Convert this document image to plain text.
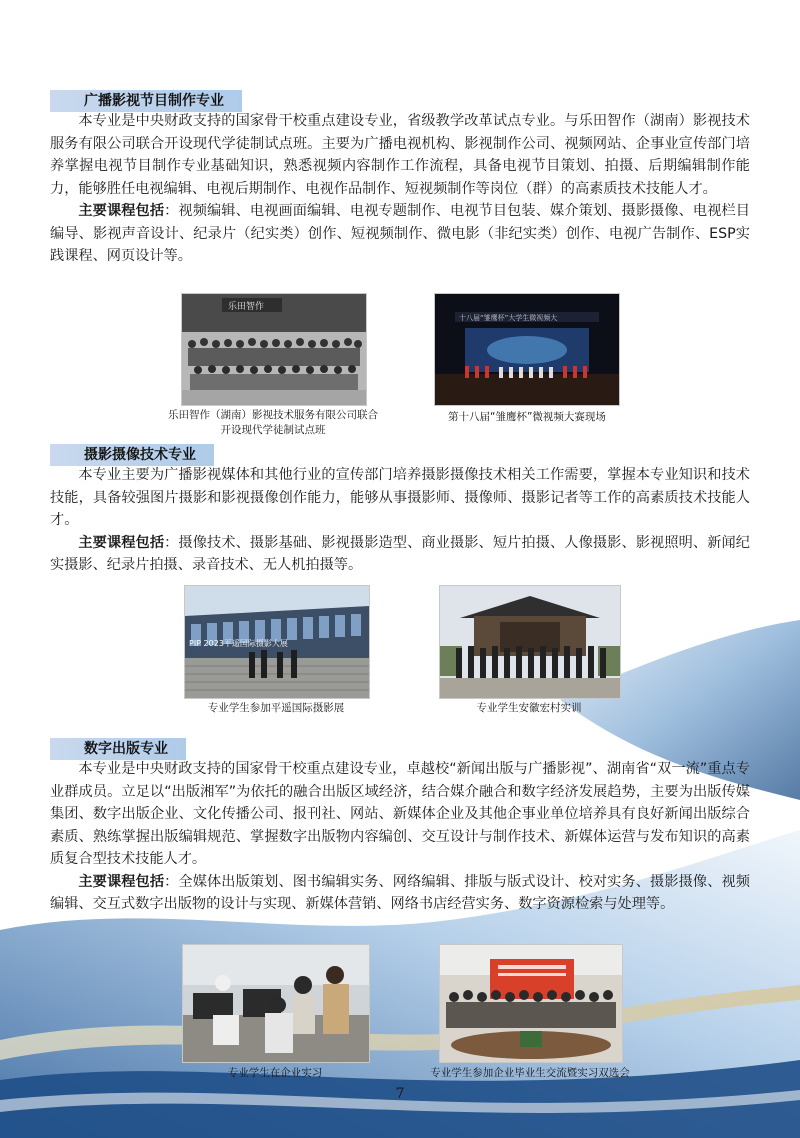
广播影视节目制作专业

本专业是中央财政支持的国家骨干校重点建设专业，省级教学改革试点专业。与乐田智作（湖南）影视技术服务有限公司联合开设现代学徒制试点班。主要为广播电视机构、影视制作公司、视频网站、企事业宣传部门培养掌握电视节目制作专业基础知识，熟悉视频内容制作工作流程，具备电视节目策划、拍摄、后期编辑制作能力，能够胜任电视编辑、电视后期制作、电视作品制作、短视频制作等岗位（群）的高素质技术技能人才。

主要课程包括：视频编辑、电视画面编辑、电视专题制作、电视节目包装、媒介策划、摄影摄像、电视栏目编导、影视声音设计、纪录片（纪实类）创作、短视频制作、微电影（非纪实类）创作、电视广告制作、ESP实践课程、网页设计等。

乐田智作
乐田智作（湖南）影视技术服务有限公司联合开设现代学徒制试点班
十八届“雏鹰杯”大学生微视频大
第十八届“雏鹰杯”微视频大赛现场
摄影摄像技术专业

本专业主要为广播影视媒体和其他行业的宣传部门培养摄影摄像技术相关工作需要，掌握本专业知识和技术技能，具备较强图片摄影和影视摄像创作能力，能够从事摄影师、摄像师、摄影记者等工作的高素质技术技能人才。

主要课程包括：摄像技术、摄影基础、影视摄影造型、商业摄影、短片拍摄、人像摄影、影视照明、新闻纪实摄影、纪录片拍摄、录音技术、无人机拍摄等。

PIP 2023平遥国际摄影大展
专业学生参加平遥国际摄影展	专业学生安徽宏村实训
数字出版专业

本专业是中央财政支持的国家骨干校重点建设专业，卓越校“新闻出版与广播影视”、湖南省“双一流”重点专业群成员。立足以“出版湘军”为依托的融合出版区域经济，结合媒介融合和数字经济发展趋势，主要为出版传媒集团、数字出版企业、文化传播公司、报刊社、网站、新媒体企业及其他企事业单位培养具有良好新闻出版综合素质、熟练掌握出版编辑规范、掌握数字出版物内容编创、交互设计与制作技术、新媒体运营与发布知识的高素质复合型技术技能人才。

主要课程包括：全媒体出版策划、图书编辑实务、网络编辑、排版与版式设计、校对实务、摄影摄像、视频编辑、交互式数字出版物的设计与实现、新媒体营销、网络书店经营实务、数字资源检索与处理等。

专业学生在企业实习	专业学生参加企业毕业生交流暨实习双选会
7
